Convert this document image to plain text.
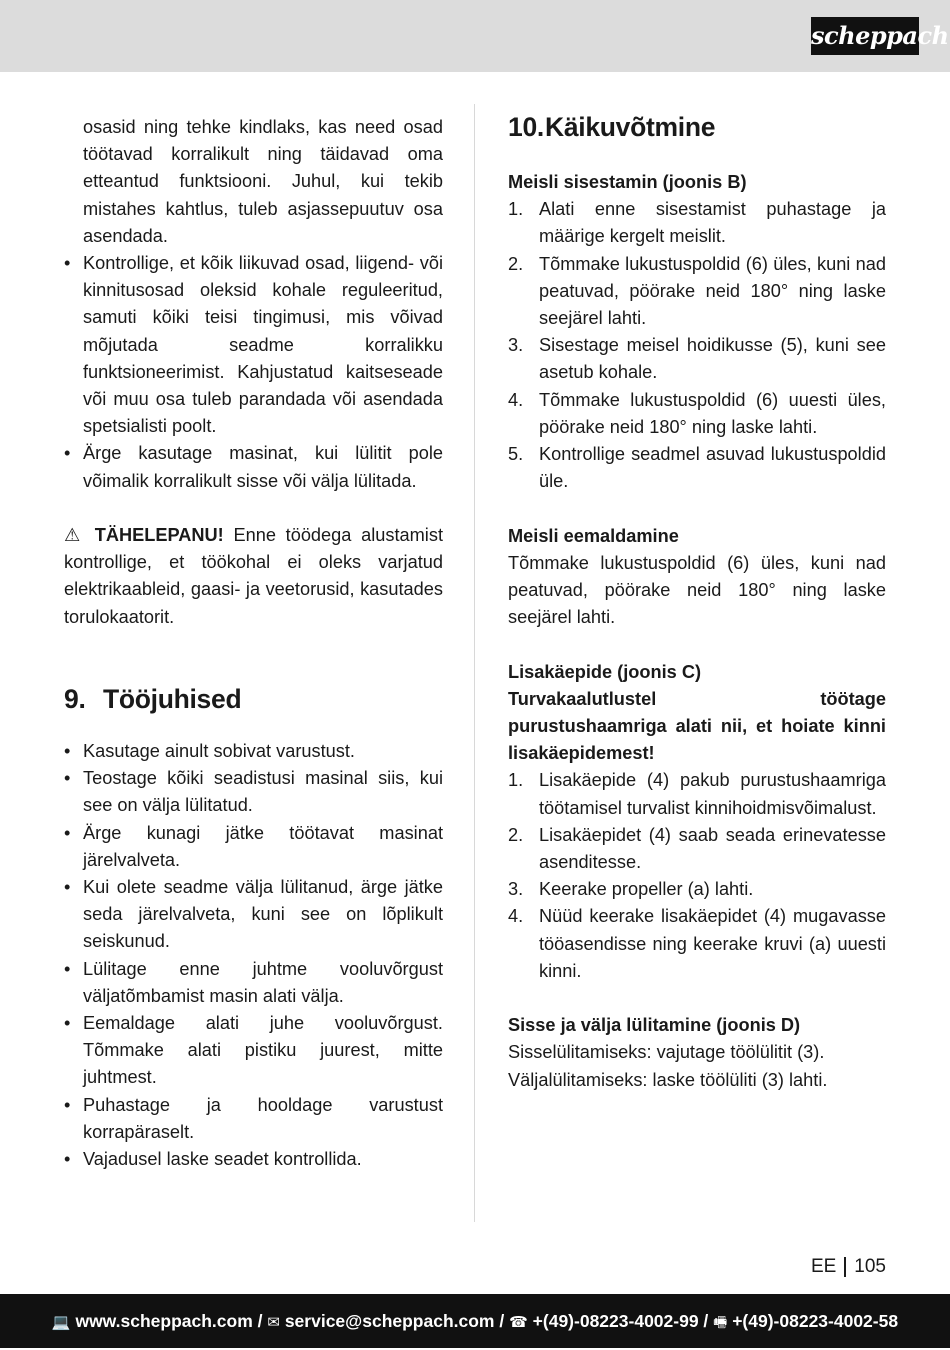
scheppach

osasid ning tehke kindlaks, kas need osad töötavad korralikult ning täidavad oma etteantud funktsiooni. Juhul, kui tekib mistahes kahtlus, tuleb asjassepuutuv osa asendada.

• Kontrollige, et kõik liikuvad osad, liigend- või kinnitusosad oleksid kohale reguleeritud, samuti kõiki teisi tingimusi, mis võivad mõjutada seadme korralikku funktsioneerimist. Kahjustatud kaitseseade või muu osa tuleb parandada või asendada spetsialisti poolt.
• Ärge kasutage masinat, kui lülitit pole võimalik korralikult sisse või välja lülitada.

⚠ TÄHELEPANU! Enne töödega alustamist kontrollige, et töökohal ei oleks varjatud elektrikaableid, gaasi- ja veetorusid, kasutades torulokaatorit.

9. Tööjuhised
• Kasutage ainult sobivat varustust.
• Teostage kõiki seadistusi masinal siis, kui see on välja lülitatud.
• Ärge kunagi jätke töötavat masinat järelvalveta.
• Kui olete seadme välja lülitanud, ärge jätke seda järelvalveta, kuni see on lõplikult seiskunud.
• Lülitage enne juhtme vooluvõrgust väljatõmbamist masin alati välja.
• Eemaldage alati juhe vooluvõrgust. Tõmmake alati pistiku juurest, mitte juhtmest.
• Puhastage ja hooldage varustust korrapäraselt.
• Vajadusel laske seadet kontrollida.
10. Käikuvõtmine

Meisli sisestamin (joonis B)

1. Alati enne sisestamist puhastage ja määrige kergelt meislit.
2. Tõmmake lukustuspoldid (6) üles, kuni nad peatuvad, pöörake neid 180° ning laske seejärel lahti.
3. Sisestage meisel hoidikusse (5), kuni see asetub kohale.
4. Tõmmake lukustuspoldid (6) uuesti üles, pöörake neid 180° ning laske lahti.
5. Kontrollige seadmel asuvad lukustuspoldid üle.

Meisli eemaldamine

Tõmmake lukustuspoldid (6) üles, kuni nad peatuvad, pöörake neid 180° ning laske seejärel lahti.

Lisakäepide (joonis C)

Turvakaalutlustel töötage purustushaamriga alati nii, et hoiate kinni lisakäepidemest!

1. Lisakäepide (4) pakub purustushaamriga töötamisel turvalist kinnihoidmisvõimalust.
2. Lisakäepidet (4) saab seada erinevatesse asenditesse.
3. Keerake propeller (a) lahti.
4. Nüüd keerake lisakäepidet (4) mugavasse tööasendisse ning keerake kruvi (a) uuesti kinni.

Sisse ja välja lülitamine (joonis D)

Sisselülitamiseks: vajutage töölülitit (3).

Väljalülitamiseks: laske töölüliti (3) lahti.

EE 105
💻 www.scheppach.com / ✉ service@scheppach.com / ☎ +(49)-08223-4002-99 / 🖷 +(49)-08223-4002-58
